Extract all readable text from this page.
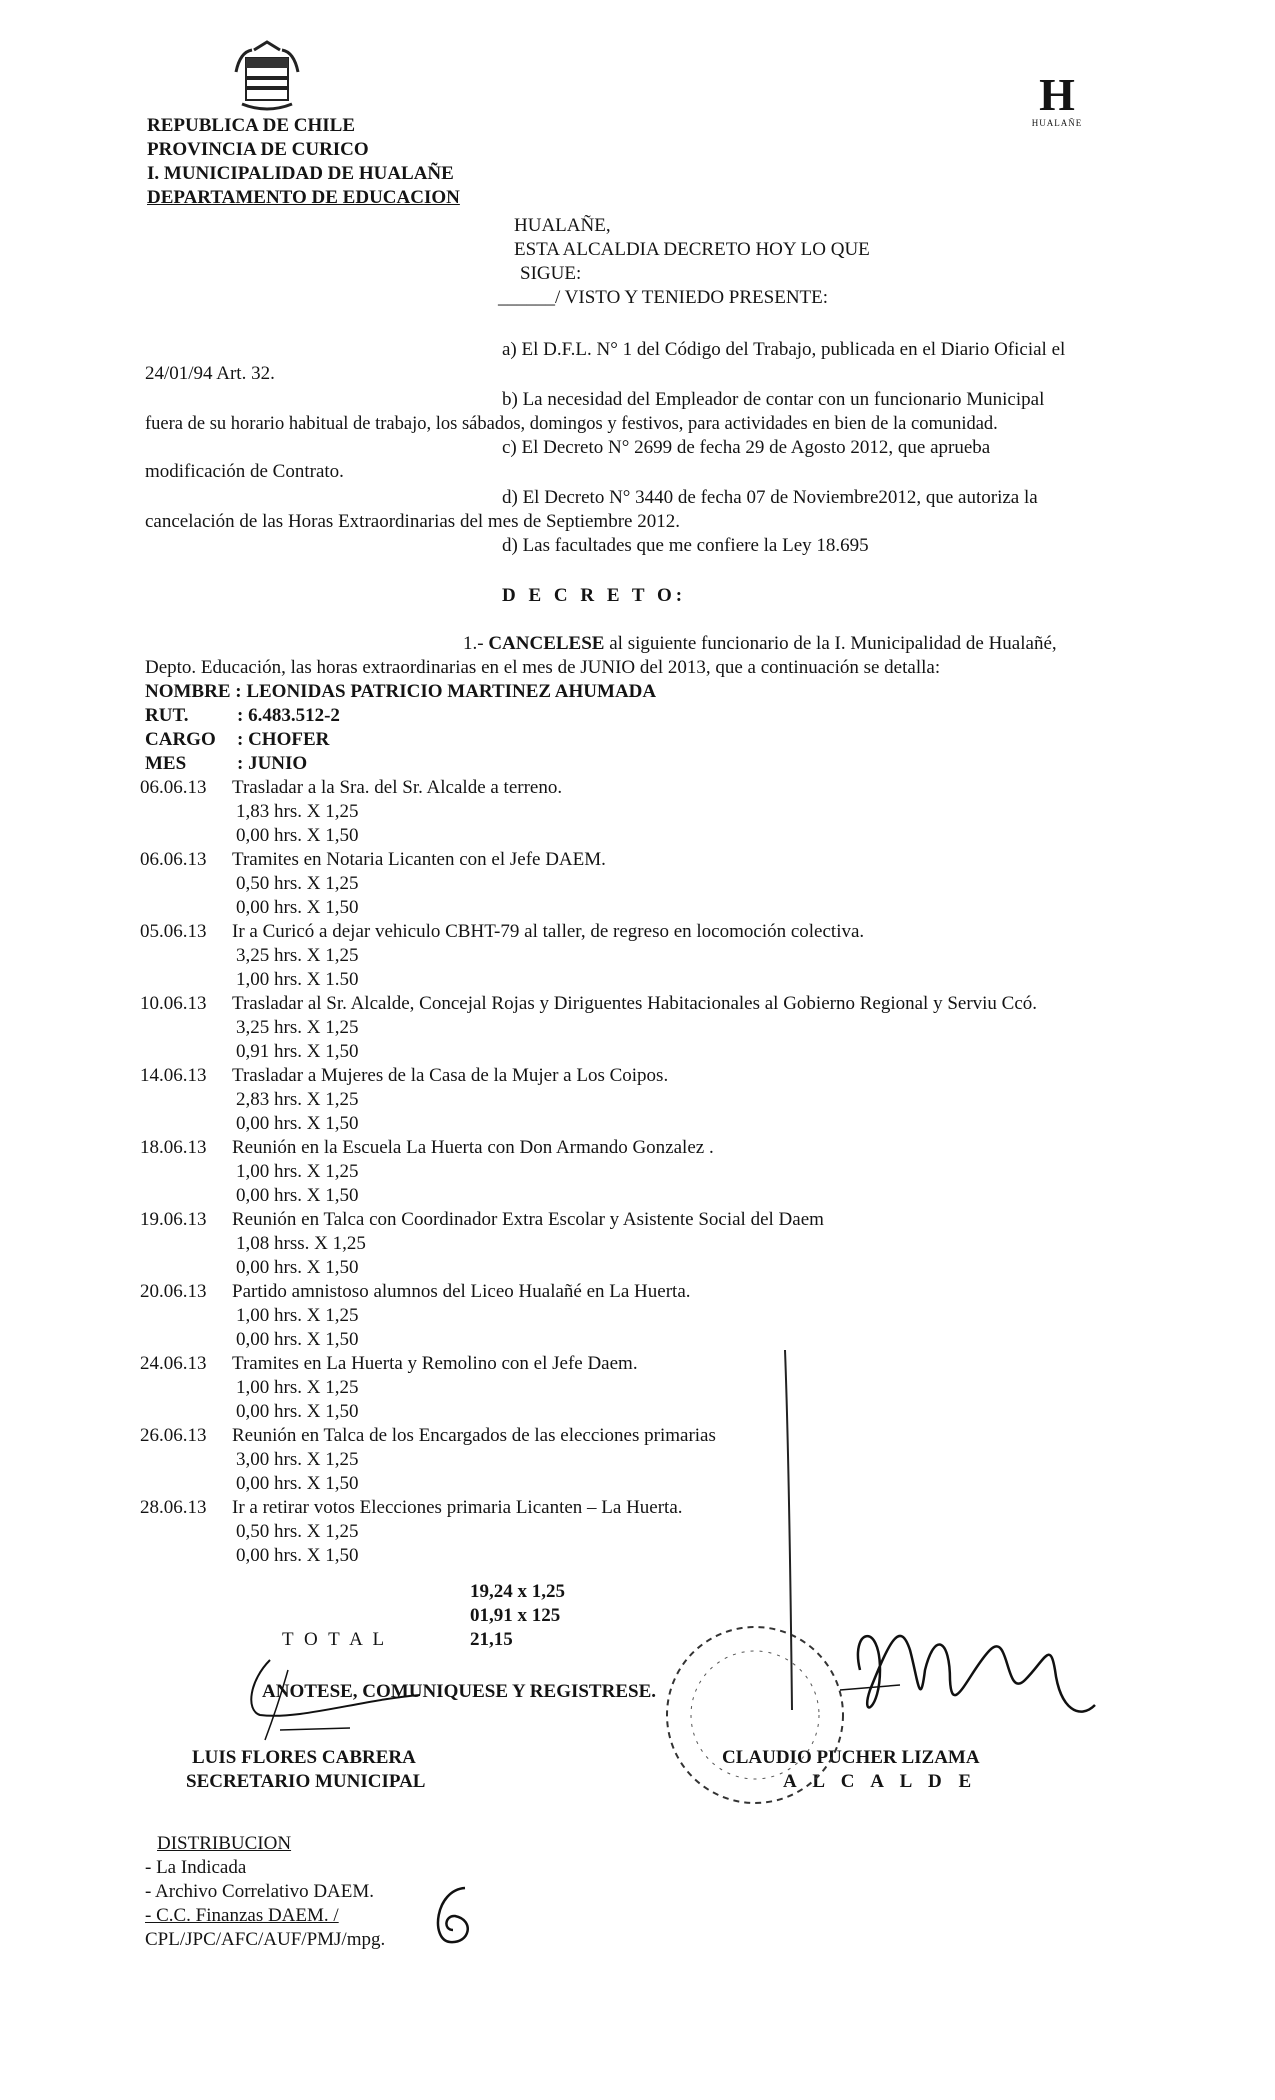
REPUBLICA DE CHILE
PROVINCIA DE CURICO
I. MUNICIPALIDAD DE HUALAÑE
DEPARTAMENTO DE EDUCACION
H
HUALAÑE
HUALAÑE,
ESTA ALCALDIA DECRETO HOY LO QUE
SIGUE:
______/ VISTO Y TENIEDO PRESENTE:
a) El D.F.L. N° 1 del Código del Trabajo, publicada en el Diario Oficial el
24/01/94 Art. 32.
b) La necesidad del Empleador de contar con un funcionario Municipal
fuera de su horario habitual de trabajo, los sábados, domingos y festivos, para actividades en bien de la comunidad.
c) El Decreto N° 2699 de fecha 29 de Agosto 2012, que aprueba
modificación de Contrato.
d) El Decreto N° 3440 de fecha 07 de Noviembre2012, que autoriza la
cancelación de las Horas Extraordinarias del mes de Septiembre 2012.
d) Las facultades que me confiere la Ley 18.695
D E C R E T O:
1.- CANCELESE al siguiente funcionario de la I. Municipalidad de Hualañé,
Depto. Educación, las horas extraordinarias en el mes de JUNIO del 2013, que a continuación se detalla:
NOMBRE : LEONIDAS PATRICIO MARTINEZ AHUMADA
RUT.	: 6.483.512-2
CARGO : CHOFER
MES	: JUNIO
06.06.13 Trasladar a la Sra. del Sr. Alcalde a terreno.
1,83 hrs. X 1,25
0,00 hrs. X 1,50
06.06.13 Tramites en Notaria Licanten con el Jefe DAEM.
0,50 hrs. X 1,25
0,00 hrs. X 1,50
05.06.13 Ir a Curicó a dejar vehiculo CBHT-79 al taller, de regreso en locomoción colectiva.
3,25 hrs. X 1,25
1,00 hrs. X 1.50
10.06.13 Trasladar al Sr. Alcalde, Concejal Rojas y Diriguentes Habitacionales al Gobierno Regional y Serviu Ccó.
3,25 hrs. X 1,25
0,91 hrs. X 1,50
14.06.13 Trasladar a Mujeres de la Casa de la Mujer a Los Coipos.
2,83 hrs. X 1,25
0,00 hrs. X 1,50
18.06.13 Reunión en la Escuela La Huerta con Don Armando Gonzalez .
1,00 hrs. X 1,25
0,00 hrs. X 1,50
19.06.13 Reunión en Talca con Coordinador Extra Escolar y Asistente Social del Daem
1,08 hrss. X 1,25
0,00 hrs. X 1,50
20.06.13 Partido amnistoso alumnos del Liceo Hualañé en La Huerta.
1,00 hrs. X 1,25
0,00 hrs. X 1,50
24.06.13 Tramites en La Huerta y Remolino con el Jefe Daem.
1,00 hrs. X 1,25
0,00 hrs. X 1,50
26.06.13 Reunión en Talca de los Encargados de las elecciones primarias
3,00 hrs. X 1,25
0,00 hrs. X 1,50
28.06.13 Ir a retirar votos Elecciones primaria Licanten – La Huerta.
0,50 hrs. X 1,25
0,00 hrs. X 1,50
19,24 x 1,25
01,91 x 125
21,15
T O T A L
ANOTESE, COMUNIQUESE Y REGISTRESE.
LUIS FLORES CABRERA
SECRETARIO MUNICIPAL
CLAUDIO PUCHER LIZAMA
A L C A L D E
DISTRIBUCION
- La Indicada
- Archivo Correlativo DAEM.
- C.C. Finanzas DAEM. /
CPL/JPC/AFC/AUF/PMJ/mpg.
